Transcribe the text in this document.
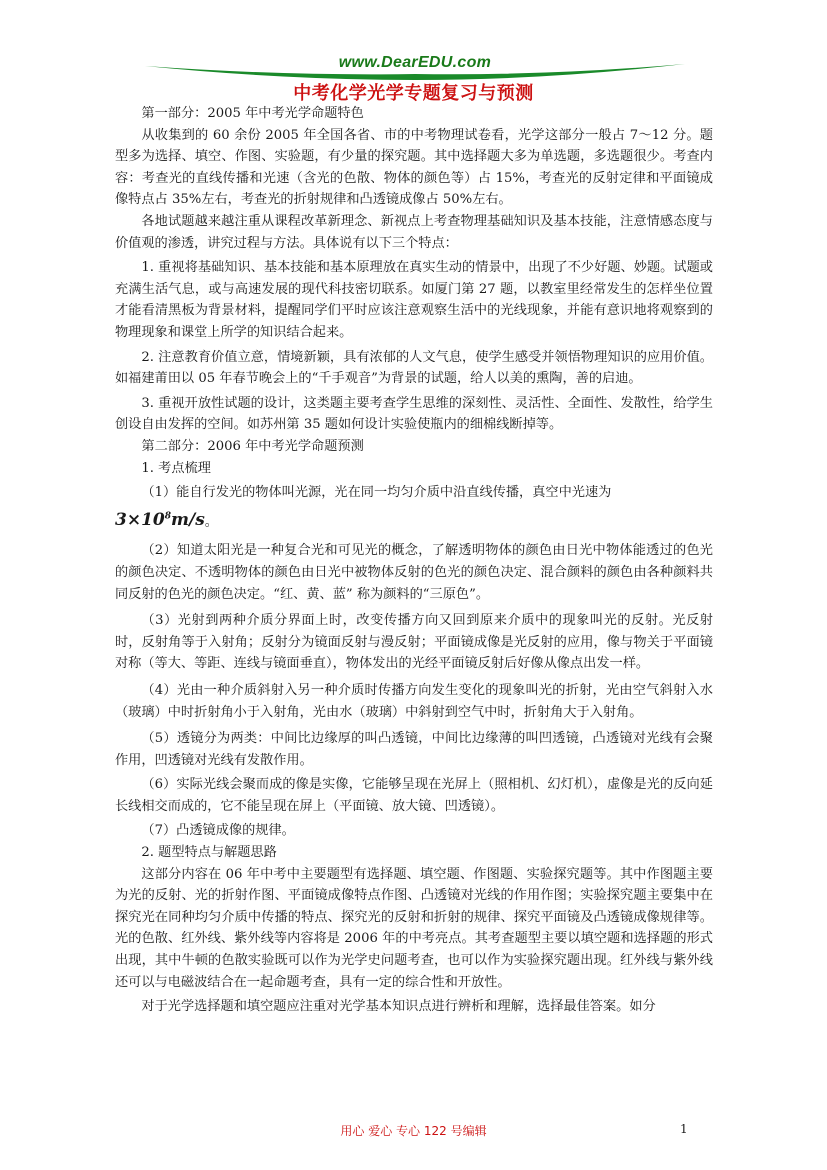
www.DearEDU.com
中考化学光学专题复习与预测

第一部分：2005 年中考光学命题特色

从收集到的 60 余份 2005 年全国各省、市的中考物理试卷看，光学这部分一般占 7～12 分。题型多为选择、填空、作图、实验题，有少量的探究题。其中选择题大多为单选题，多选题很少。考查内容：考查光的直线传播和光速（含光的色散、物体的颜色等）占 15%，考查光的反射定律和平面镜成像特点占 35%左右，考查光的折射规律和凸透镜成像占 50%左右。

各地试题越来越注重从课程改革新理念、新视点上考查物理基础知识及基本技能，注意情感态度与价值观的渗透，讲究过程与方法。具体说有以下三个特点：

1. 重视将基础知识、基本技能和基本原理放在真实生动的情景中，出现了不少好题、妙题。试题或充满生活气息，或与高速发展的现代科技密切联系。如厦门第 27 题，以教室里经常发生的怎样坐位置才能看清黑板为背景材料，提醒同学们平时应该注意观察生活中的光线现象，并能有意识地将观察到的物理现象和课堂上所学的知识结合起来。

2. 注意教育价值立意，情境新颖，具有浓郁的人文气息，使学生感受并领悟物理知识的应用价值。如福建莆田以 05 年春节晚会上的“千手观音”为背景的试题，给人以美的熏陶，善的启迪。

3. 重视开放性试题的设计，这类题主要考查学生思维的深刻性、灵活性、全面性、发散性，给学生创设自由发挥的空间。如苏州第 35 题如何设计实验使瓶内的细棉线断掉等。

第二部分：2006 年中考光学命题预测

1. 考点梳理

（1）能自行发光的物体叫光源，光在同一均匀介质中沿直线传播，真空中光速为

$3\times 10^8m/s$。

（2）知道太阳光是一种复合光和可见光的概念，了解透明物体的颜色由日光中物体能透过的色光的颜色决定、不透明物体的颜色由日光中被物体反射的色光的颜色决定、混合颜料的颜色由各种颜料共同反射的色光的颜色决定。“红、黄、蓝” 称为颜料的“三原色”。

（3）光射到两种介质分界面上时，改变传播方向又回到原来介质中的现象叫光的反射。光反射时，反射角等于入射角；反射分为镜面反射与漫反射；平面镜成像是光反射的应用，像与物关于平面镜对称（等大、等距、连线与镜面垂直），物体发出的光经平面镜反射后好像从像点出发一样。

（4）光由一种介质斜射入另一种介质时传播方向发生变化的现象叫光的折射，光由空气斜射入水（玻璃）中时折射角小于入射角，光由水（玻璃）中斜射到空气中时，折射角大于入射角。

（5）透镜分为两类：中间比边缘厚的叫凸透镜，中间比边缘薄的叫凹透镜，凸透镜对光线有会聚作用，凹透镜对光线有发散作用。

（6）实际光线会聚而成的像是实像，它能够呈现在光屏上（照相机、幻灯机），虚像是光的反向延长线相交而成的，它不能呈现在屏上（平面镜、放大镜、凹透镜）。

（7）凸透镜成像的规律。

2. 题型特点与解题思路

这部分内容在 06 年中考中主要题型有选择题、填空题、作图题、实验探究题等。其中作图题主要为光的反射、光的折射作图、平面镜成像特点作图、凸透镜对光线的作用作图；实验探究题主要集中在探究光在同种均匀介质中传播的特点、探究光的反射和折射的规律、探究平面镜及凸透镜成像规律等。光的色散、红外线、紫外线等内容将是 2006 年的中考亮点。其考查题型主要以填空题和选择题的形式出现，其中牛顿的色散实验既可以作为光学史问题考查，也可以作为实验探究题出现。红外线与紫外线还可以与电磁波结合在一起命题考查，具有一定的综合性和开放性。

对于光学选择题和填空题应注重对光学基本知识点进行辨析和理解，选择最佳答案。如分

用心 爱心 专心 122 号编辑	1
